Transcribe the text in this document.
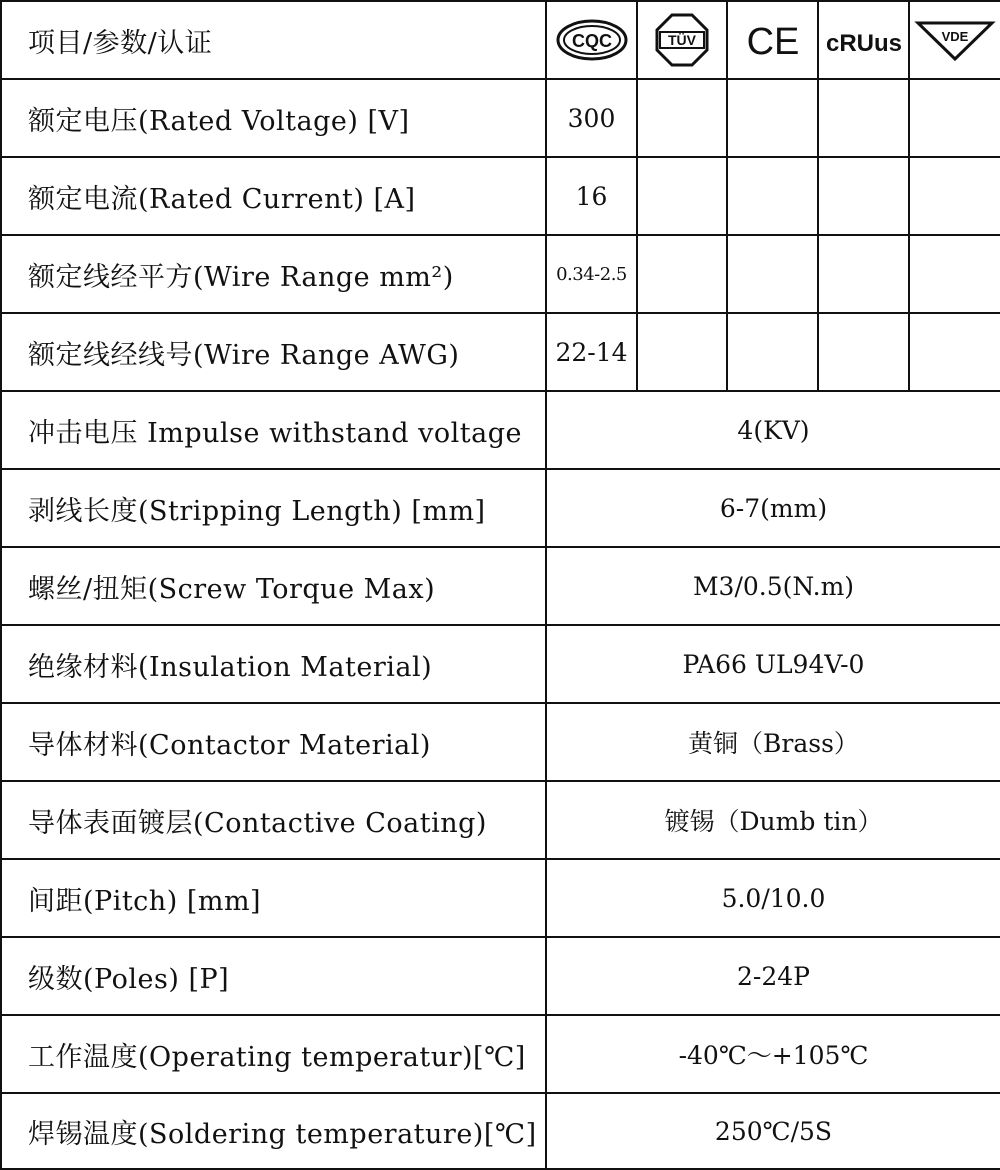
项目/参数/认证	CQC	TÜV	CE	cRUus	VDE

额定电压(Rated Voltage) [V]	300				
额定电流(Rated Current) [A]	16				
额定线经平方(Wire Range mm²)	0.34-2.5				
额定线经线号(Wire Range AWG)	22-14				
冲击电压 Impulse withstand voltage	4(KV)				
剥线长度(Stripping Length) [mm]	6-7(mm)				
螺丝/扭矩(Screw Torque Max)	M3/0.5(N.m)				
绝缘材料(Insulation Material)	PA66 UL94V-0				
导体材料(Contactor Material)	黄铜（Brass）				
导体表面镀层(Contactive Coating)	镀锡（Dumb tin）				
间距(Pitch) [mm]	5.0/10.0				
级数(Poles) [P]	2-24P				
工作温度(Operating temperatur)[℃]	-40℃～+105℃				
焊锡温度(Soldering temperature)[℃]	250℃/5S				
